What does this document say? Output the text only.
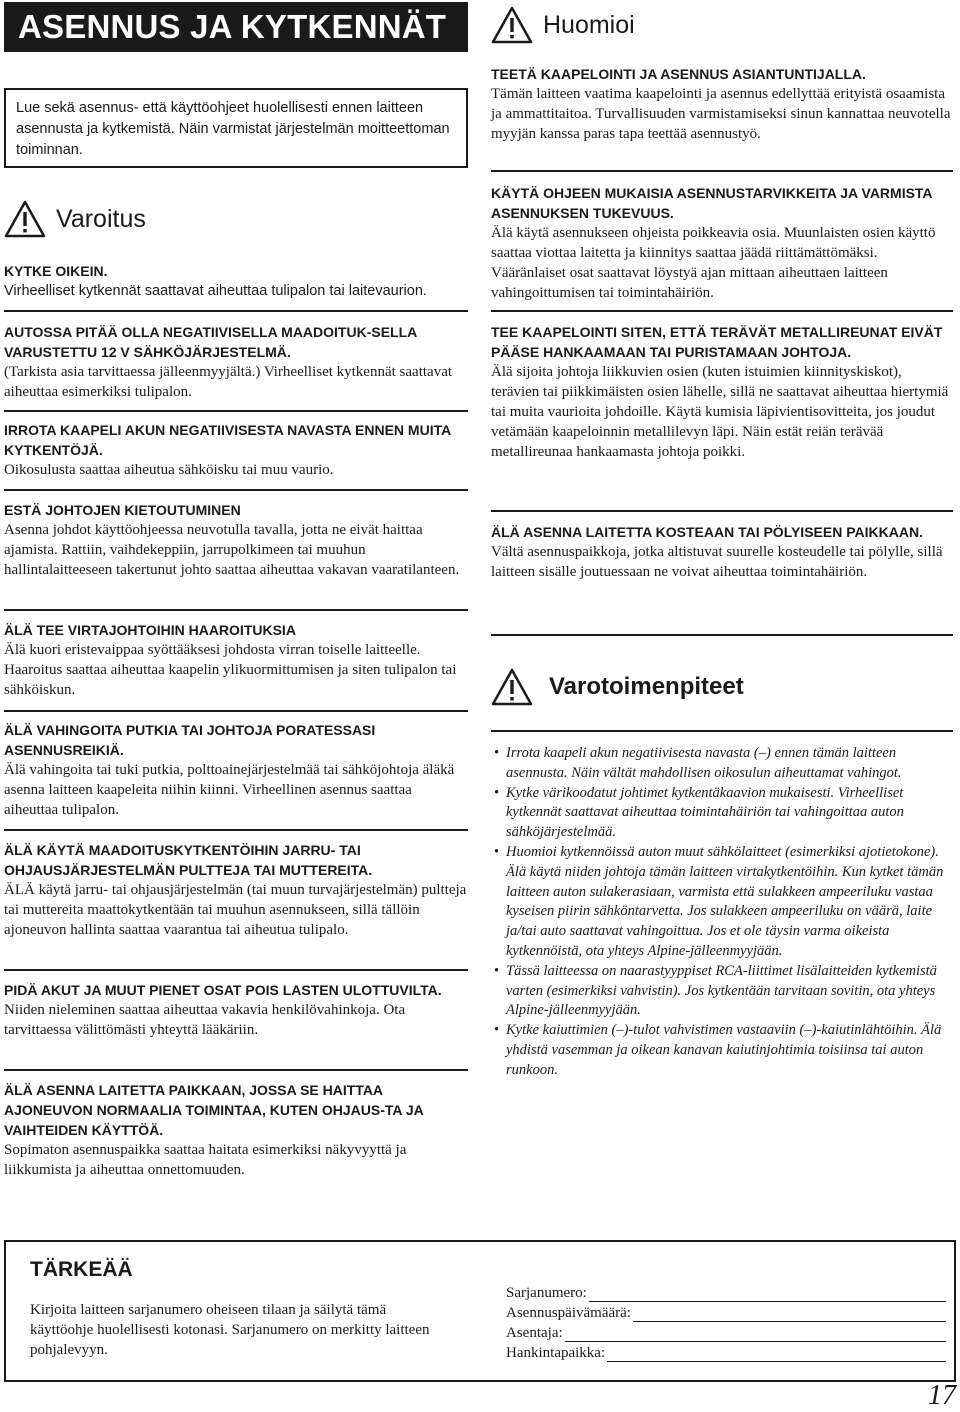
ASENNUS JA KYTKENNÄT
Lue sekä asennus- että käyttöohjeet huolellisesti ennen laitteen asennusta ja kytkemistä. Näin varmistat järjestelmän moitteettoman toiminnan.
Varoitus

KYTKE OIKEIN.

Virheelliset kytkennät saattavat aiheuttaa tulipalon tai laitevaurion.

AUTOSSA PITÄÄ OLLA NEGATIIVISELLA MAADOITUK-SELLA VARUSTETTU 12 V SÄHKÖJÄRJESTELMÄ.

(Tarkista asia tarvittaessa jälleenmyyjältä.) Virheelliset kytkennät saattavat aiheuttaa esimerkiksi tulipalon.

IRROTA KAAPELI AKUN NEGATIIVISESTA NAVASTA ENNEN MUITA KYTKENTÖJÄ.

Oikosulusta saattaa aiheutua sähköisku tai muu vaurio.

ESTÄ JOHTOJEN KIETOUTUMINEN

Asenna johdot käyttöohjeessa neuvotulla tavalla, jotta ne eivät haittaa ajamista. Rattiin, vaihdekeppiin, jarrupolkimeen tai muuhun hallintalaitteeseen takertunut johto saattaa aiheuttaa vakavan vaaratilanteen.

ÄLÄ TEE VIRTAJOHTOIHIN HAAROITUKSIA

Älä kuori eristevaippaa syöttääksesi johdosta virran toiselle laitteelle. Haaroitus saattaa aiheuttaa kaapelin ylikuormittumisen ja siten tulipalon tai sähköiskun.

ÄLÄ VAHINGOITA PUTKIA TAI JOHTOJA PORATESSASI ASENNUSREIKIÄ.

Älä vahingoita tai tuki putkia, polttoainejärjestelmää tai sähköjohtoja äläkä asenna laitteen kaapeleita niihin kiinni. Virheellinen asennus saattaa aiheuttaa tulipalon.

ÄLÄ KÄYTÄ MAADOITUSKYTKENTÖIHIN JARRU- TAI OHJAUSJÄRJESTELMÄN PULTTEJA TAI MUTTEREITA.

ÄLÄ käytä jarru- tai ohjausjärjestelmän (tai muun turvajärjestelmän) pultteja tai muttereita maattokytkentään tai muuhun asennukseen, sillä tällöin ajoneuvon hallinta saattaa vaarantua tai aiheutua tulipalo.

PIDÄ AKUT JA MUUT PIENET OSAT POIS LASTEN ULOTTUVILTA.

Niiden nieleminen saattaa aiheuttaa vakavia henkilövahinkoja. Ota tarvittaessa välittömästi yhteyttä lääkäriin.

ÄLÄ ASENNA LAITETTA PAIKKAAN, JOSSA SE HAITTAA AJONEUVON NORMAALIA TOIMINTAA, KUTEN OHJAUS-TA JA VAIHTEIDEN KÄYTTÖÄ.

Sopimaton asennuspaikka saattaa haitata esimerkiksi näkyvyyttä ja liikkumista ja aiheuttaa onnettomuuden.

Huomioi

TEETÄ KAAPELOINTI JA ASENNUS ASIANTUNTIJALLA.

Tämän laitteen vaatima kaapelointi ja asennus edellyttää erityistä osaamista ja ammattitaitoa. Turvallisuuden varmistamiseksi sinun kannattaa neuvotella myyjän kanssa paras tapa teettää asennustyö.

KÄYTÄ OHJEEN MUKAISIA ASENNUSTARVIKKEITA JA VARMISTA ASENNUKSEN TUKEVUUS.

Älä käytä asennukseen ohjeista poikkeavia osia. Muunlaisten osien käyttö saattaa viottaa laitetta ja kiinnitys saattaa jäädä riittämättömäksi. Vääränlaiset osat saattavat löystyä ajan mittaan aiheuttaen laitteen vahingoittumisen tai toimintahäiriön.

TEE KAAPELOINTI SITEN, ETTÄ TERÄVÄT METALLIREUNAT EIVÄT PÄÄSE HANKAAMAAN TAI PURISTAMAAN JOHTOJA.

Älä sijoita johtoja liikkuvien osien (kuten istuimien kiinnityskiskot), terävien tai piikkimäisten osien lähelle, sillä ne saattavat aiheuttaa hiertymiä tai muita vaurioita johdoille. Käytä kumisia läpivientisovitteita, jos joudut vetämään kaapeloinnin metallilevyn läpi. Näin estät reiän terävää metallireunaa hankaamasta johtoja poikki.

ÄLÄ ASENNA LAITETTA KOSTEAAN TAI PÖLYISEEN PAIKKAAN.

Vältä asennuspaikkoja, jotka altistuvat suurelle kosteudelle tai pölylle, sillä laitteen sisälle joutuessaan ne voivat aiheuttaa toimintahäiriön.

Varotoimenpiteet
• Irrota kaapeli akun negatiivisesta navasta (–) ennen tämän laitteen asennusta. Näin vältät mahdollisen oikosulun aiheuttamat vahingot.
• Kytke värikoodatut johtimet kytkentäkaavion mukaisesti. Virheelliset kytkennät saattavat aiheuttaa toimintahäiriön tai vahingoittaa auton sähköjärjestelmää.
• Huomioi kytkennöissä auton muut sähkölaitteet (esimerkiksi ajotietokone). Älä käytä niiden johtoja tämän laitteen virtakytkentöihin. Kun kytket tämän laitteen auton sulakerasiaan, varmista että sulakkeen ampeeriluku vastaa kyseisen piirin sähköntarvetta. Jos sulakkeen ampeeriluku on väärä, laite ja/tai auto saattavat vahingoittua. Jos et ole täysin varma oikeista kytkennöistä, ota yhteys Alpine-jälleenmyyjään.
• Tässä laitteessa on naarastyyppiset RCA-liittimet lisälaitteiden kytkemistä varten (esimerkiksi vahvistin). Jos kytkentään tarvitaan sovitin, ota yhteys Alpine-jälleenmyyjään.
• Kytke kaiuttimien (–)-tulot vahvistimen vastaaviin (–)-kaiutinlähtöihin. Älä yhdistä vasemman ja oikean kanavan kaiutinjohtimia toisiinsa tai auton runkoon.
TÄRKEÄÄ
Kirjoita laitteen sarjanumero oheiseen tilaan ja säilytä tämä käyttöohje huolellisesti kotonasi. Sarjanumero on merkitty laitteen pohjalevyyn.
Sarjanumero:
Asennuspäivämäärä:
Asentaja:
Hankintapaikka:
17
